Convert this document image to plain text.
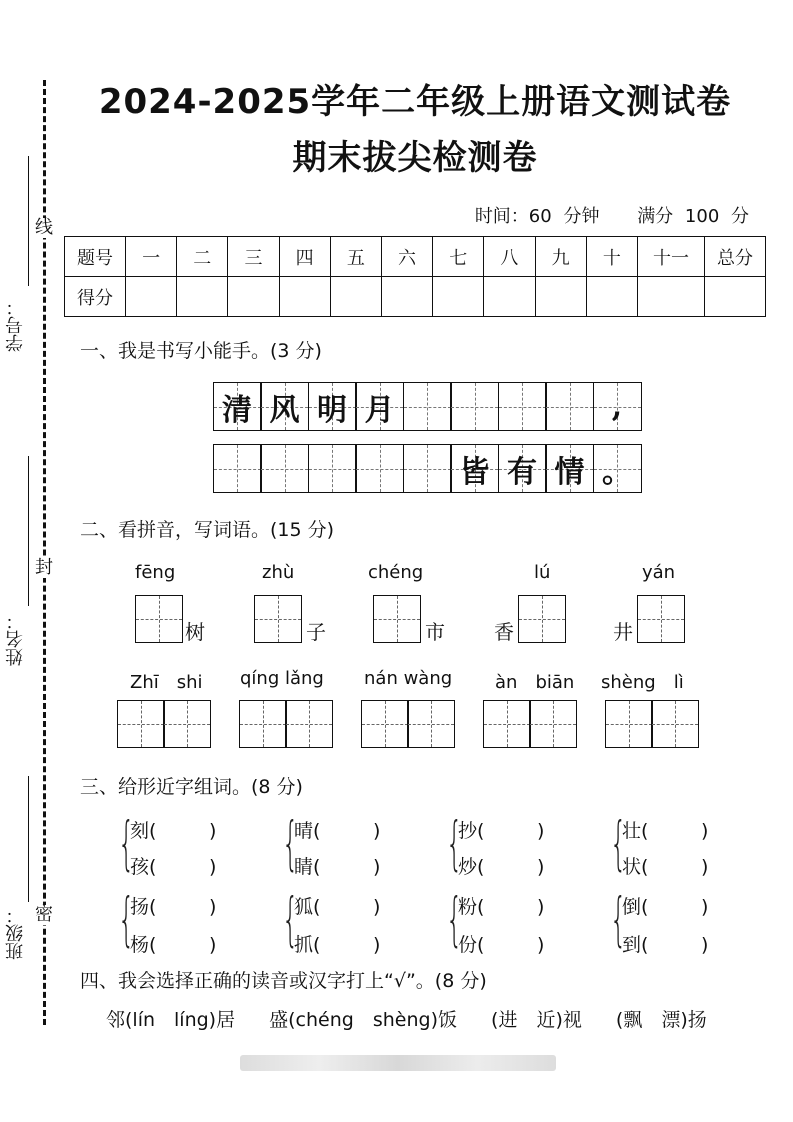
线
封
密
学号：
姓名：
班级：
2024-2025学年二年级上册语文测试卷
期末拔尖检测卷
时间：60 分钟 满分 100 分
题号	一	二	三	四	五	六	七	八	九	十	十一	总分
得分												
一、我是书写小能手。(3 分)
清 风 明 月	,
皆 有 情 。
二、看拼音，写词语。(15 分)
fēng
树
zhù
子
chéng
市
lú
香
yán
井
Zhī　shi qíng lǎng nán wàng àn　biān shèng　lì
三、给形近字组词。(8 分)
{
刻(	)
孩(	) {
晴(	)
睛(	) {
抄(	)
炒(	) {
壮(	)
状(	)
{
扬(	)
杨(	) {
狐(	)
抓(	) {
粉(	)
份(	) {
倒(	)
到(	)
四、我会选择正确的读音或汉字打上“√”。(8 分)
邻(lín　líng)居 盛(chéng　shèng)饭 (进　近)视 (飘　漂)扬
